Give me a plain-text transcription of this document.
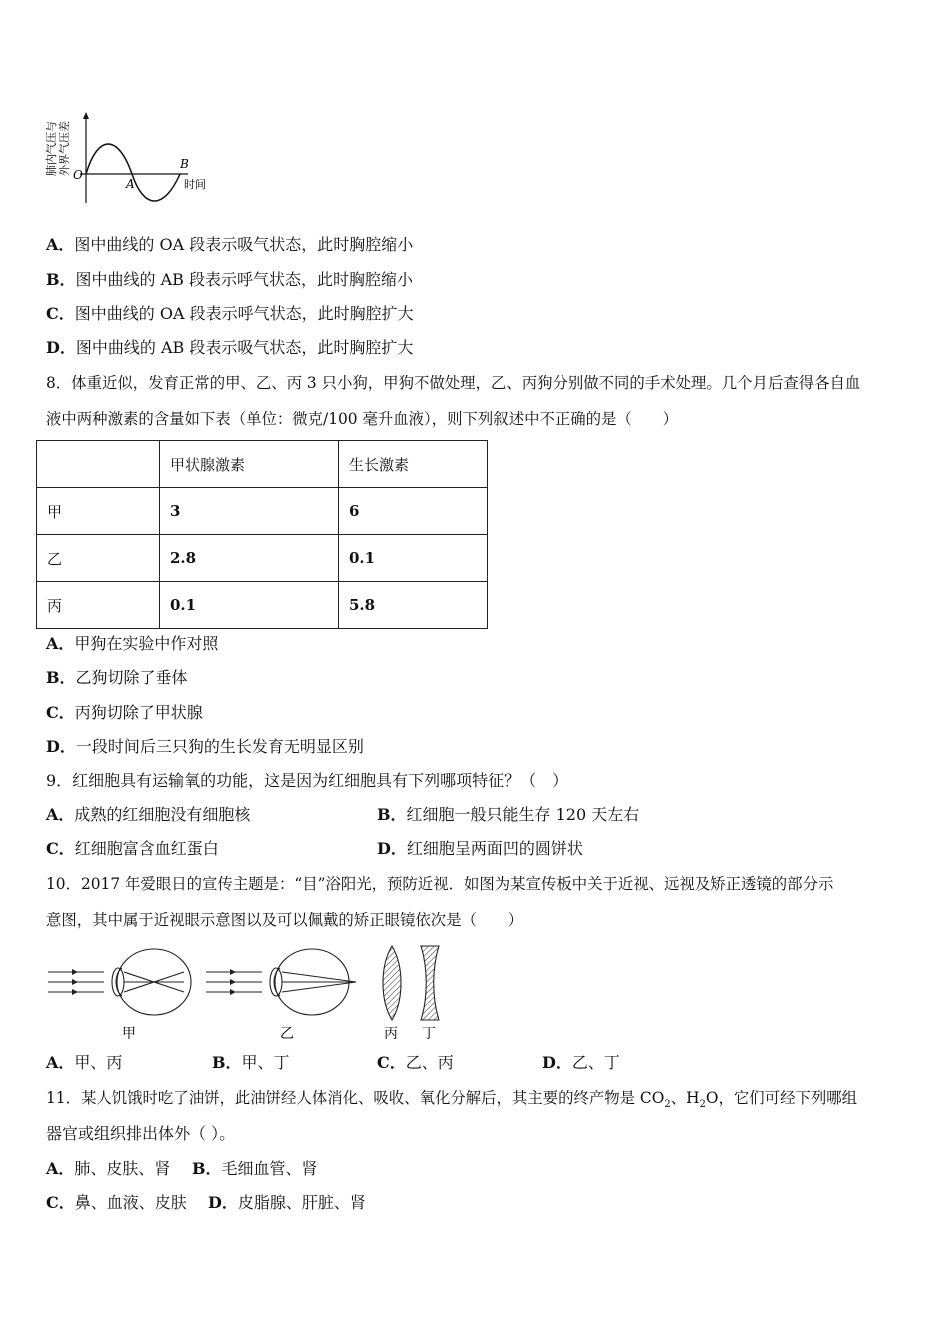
肺内气压与 外界气压差 O
A
B
时间
A．图中曲线的 OA 段表示吸气状态，此时胸腔缩小
B．图中曲线的 AB 段表示呼气状态，此时胸腔缩小
C．图中曲线的 OA 段表示呼气状态，此时胸腔扩大
D．图中曲线的 AB 段表示吸气状态，此时胸腔扩大
8．体重近似，发育正常的甲、乙、丙 3 只小狗，甲狗不做处理，乙、丙狗分别做不同的手术处理。几个月后查得各自血
液中两种激素的含量如下表（单位：微克/100 毫升血液），则下列叙述中不正确的是（　　）
	甲状腺激素	生长激素
甲	3	6
乙	2.8	0.1
丙	0.1	5.8
A．甲狗在实验中作对照
B．乙狗切除了垂体
C．丙狗切除了甲状腺
D．一段时间后三只狗的生长发育无明显区别
9．红细胞具有运输氧的功能，这是因为红细胞具有下列哪项特征？（　）
A．成熟的红细胞没有细胞核	B．红细胞一般只能生存 120 天左右
C．红细胞富含血红蛋白	D．红细胞呈两面凹的圆饼状
10．2017 年爱眼日的宣传主题是：“目”浴阳光，预防近视．如图为某宣传板中关于近视、远视及矫正透镜的部分示
意图，其中属于近视眼示意图以及可以佩戴的矫正眼镜依次是（　　）
甲	乙	丙 丁
A．甲、丙	B．甲、丁	C．乙、丙	D．乙、丁
11．某人饥饿时吃了油饼，此油饼经人体消化、吸收、氧化分解后，其主要的终产物是 $CO_2$、$H_2O$，它们可经下列哪组
器官或组织排出体外（ ）。
A．肺、皮肤、肾 B．毛细血管、肾
C．鼻、血液、皮肤 D．皮脂腺、肝脏、肾
